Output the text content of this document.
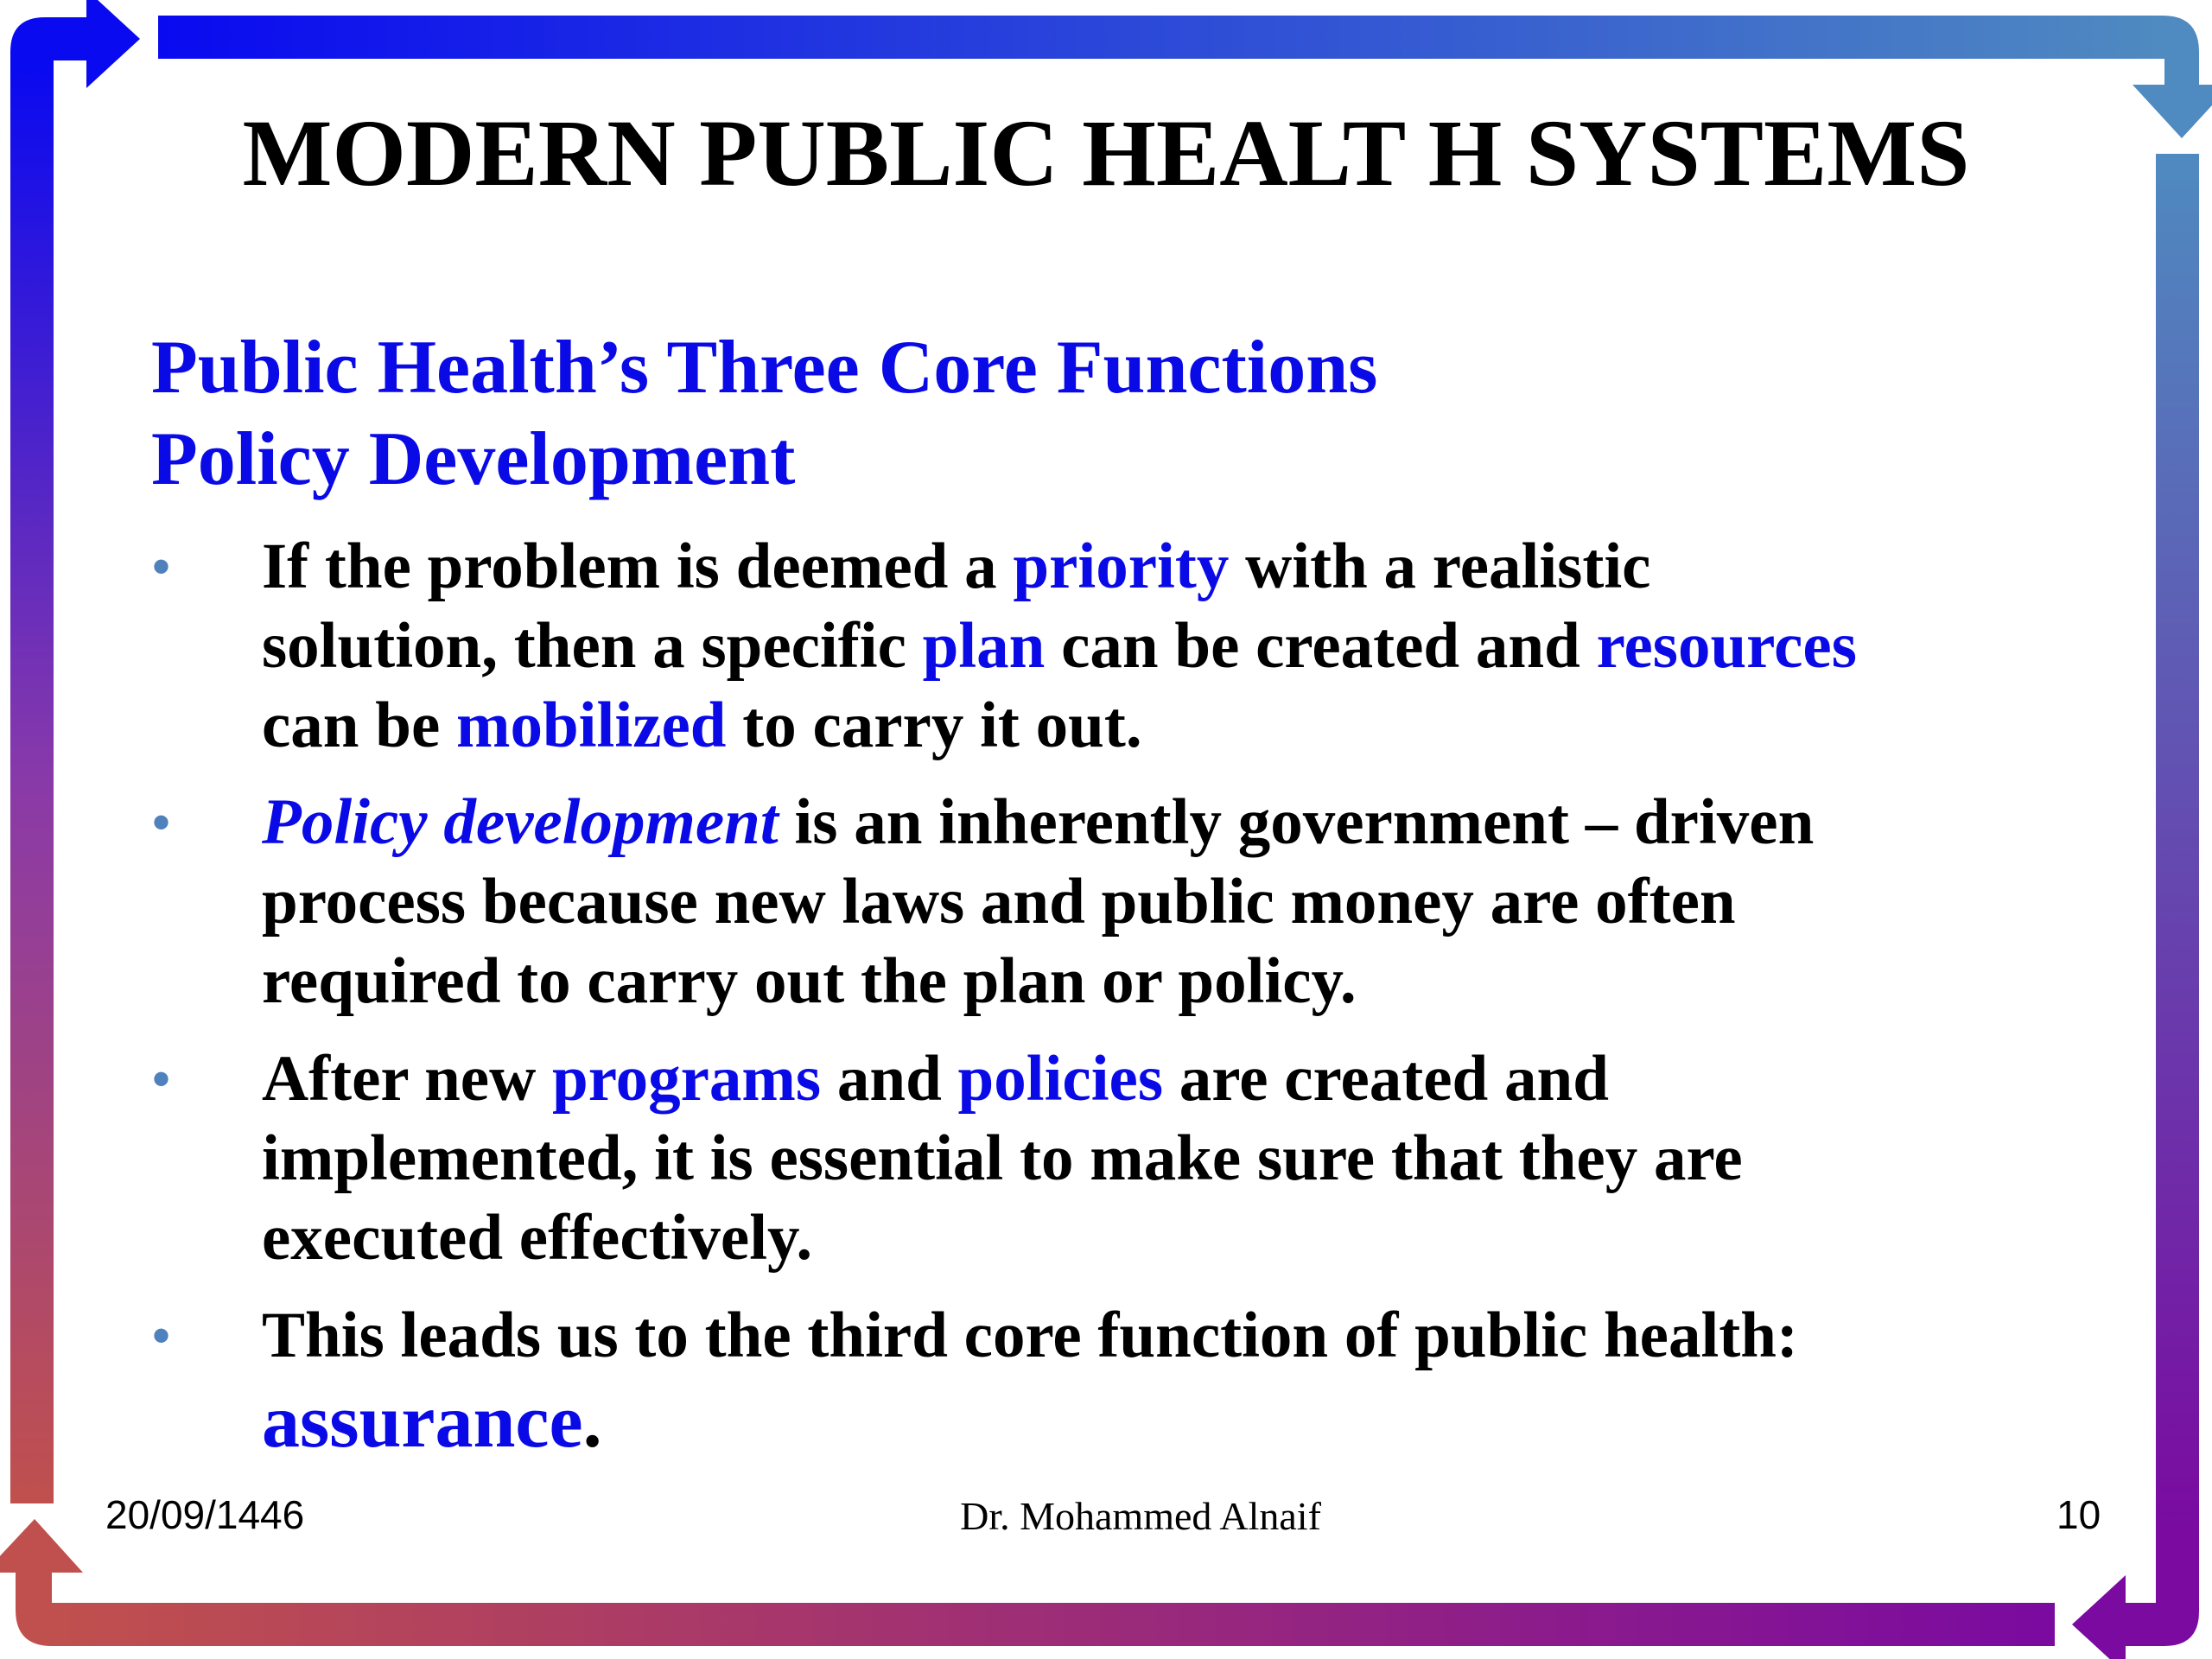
MODERN PUBLIC HEALT H SYSTEMS
Public Health’s Three Core Functions
Policy Development
• If the problem is deemed a priority with a realistic
solution, then a specific plan can be created and resources
can be mobilized to carry it out.
• Policy development is an inherently government – driven
process because new laws and public money are often
required to carry out the plan or policy.
• After new programs and policies are created and
implemented, it is essential to make sure that they are
executed effectively.
• This leads us to the third core function of public health:
assurance.
20/09/1446	Dr. Mohammed Alnaif	10
